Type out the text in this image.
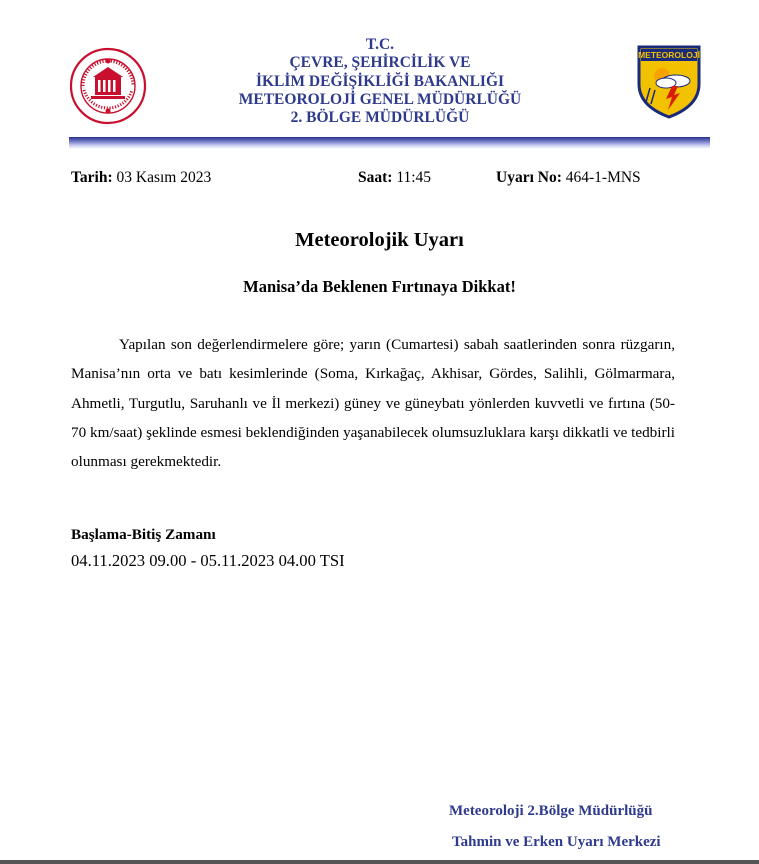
T.C.
ÇEVRE, ŞEHİRCİLİK VE
İKLİM DEĞİŞİKLİĞİ BAKANLIĞI
METEOROLOJİ GENEL MÜDÜRLÜĞÜ
2. BÖLGE MÜDÜRLÜĞÜ
METEOROLOJİ
Tarih: 03 Kasım 2023	Saat: 11:45	Uyarı No: 464-1-MNS
Meteorolojik Uyarı
Manisa’da Beklenen Fırtınaya Dikkat!
Yapılan son değerlendirmelere göre; yarın (Cumartesi) sabah saatlerinden sonra rüzgarın, Manisa’nın orta ve batı kesimlerinde (Soma, Kırkağaç, Akhisar, Gördes, Salihli, Gölmarmara, Ahmetli, Turgutlu, Saruhanlı ve İl merkezi) güney ve güneybatı yönlerden kuvvetli ve fırtına (50-70 km/saat) şeklinde esmesi beklendiğinden yaşanabilecek olumsuzluklara karşı dikkatli ve tedbirli olunması gerekmektedir.
Başlama-Bitiş Zamanı
04.11.2023 09.00 - 05.11.2023 04.00 TSI
Meteoroloji 2.Bölge Müdürlüğü
Tahmin ve Erken Uyarı Merkezi
